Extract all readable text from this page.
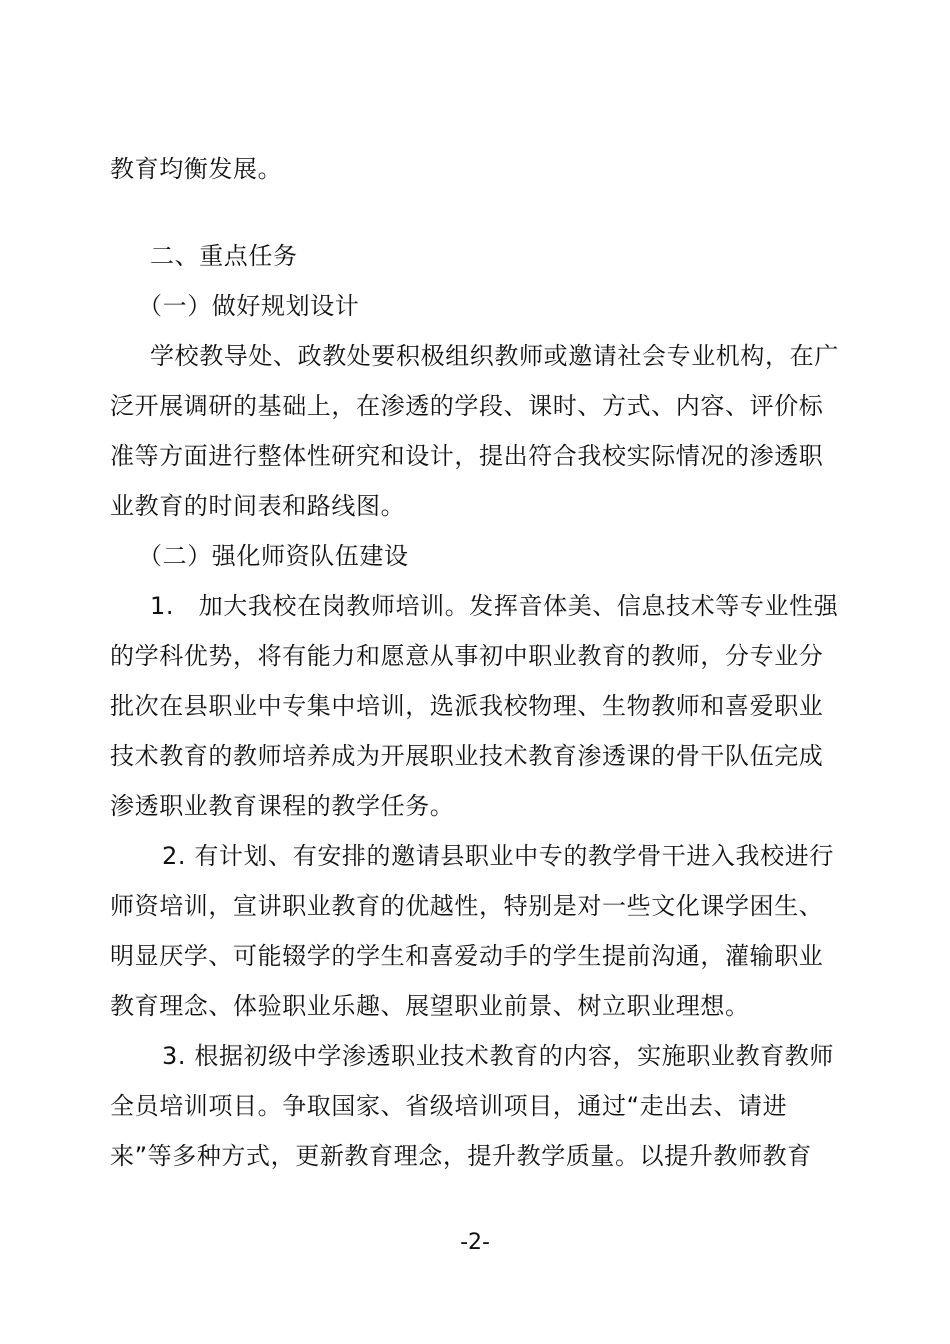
教育均衡发展。
二、重点任务
（一）做好规划设计
学校教导处、政教处要积极组织教师或邀请社会专业机构，在广
泛开展调研的基础上，在渗透的学段、课时、方式、内容、评价标
准等方面进行整体性研究和设计，提出符合我校实际情况的渗透职
业教育的时间表和路线图。
（二）强化师资队伍建设
1.　加大我校在岗教师培训。发挥音体美、信息技术等专业性强
的学科优势，将有能力和愿意从事初中职业教育的教师，分专业分
批次在县职业中专集中培训，选派我校物理、生物教师和喜爱职业
技术教育的教师培养成为开展职业技术教育渗透课的骨干队伍完成
渗透职业教育课程的教学任务。
2. 有计划、有安排的邀请县职业中专的教学骨干进入我校进行
师资培训，宣讲职业教育的优越性，特别是对一些文化课学困生、
明显厌学、可能辍学的学生和喜爱动手的学生提前沟通，灌输职业
教育理念、体验职业乐趣、展望职业前景、树立职业理想。
3. 根据初级中学渗透职业技术教育的内容，实施职业教育教师
全员培训项目。争取国家、省级培训项目，通过“走出去、请进
来”等多种方式，更新教育理念，提升教学质量。以提升教师教育
-2-
